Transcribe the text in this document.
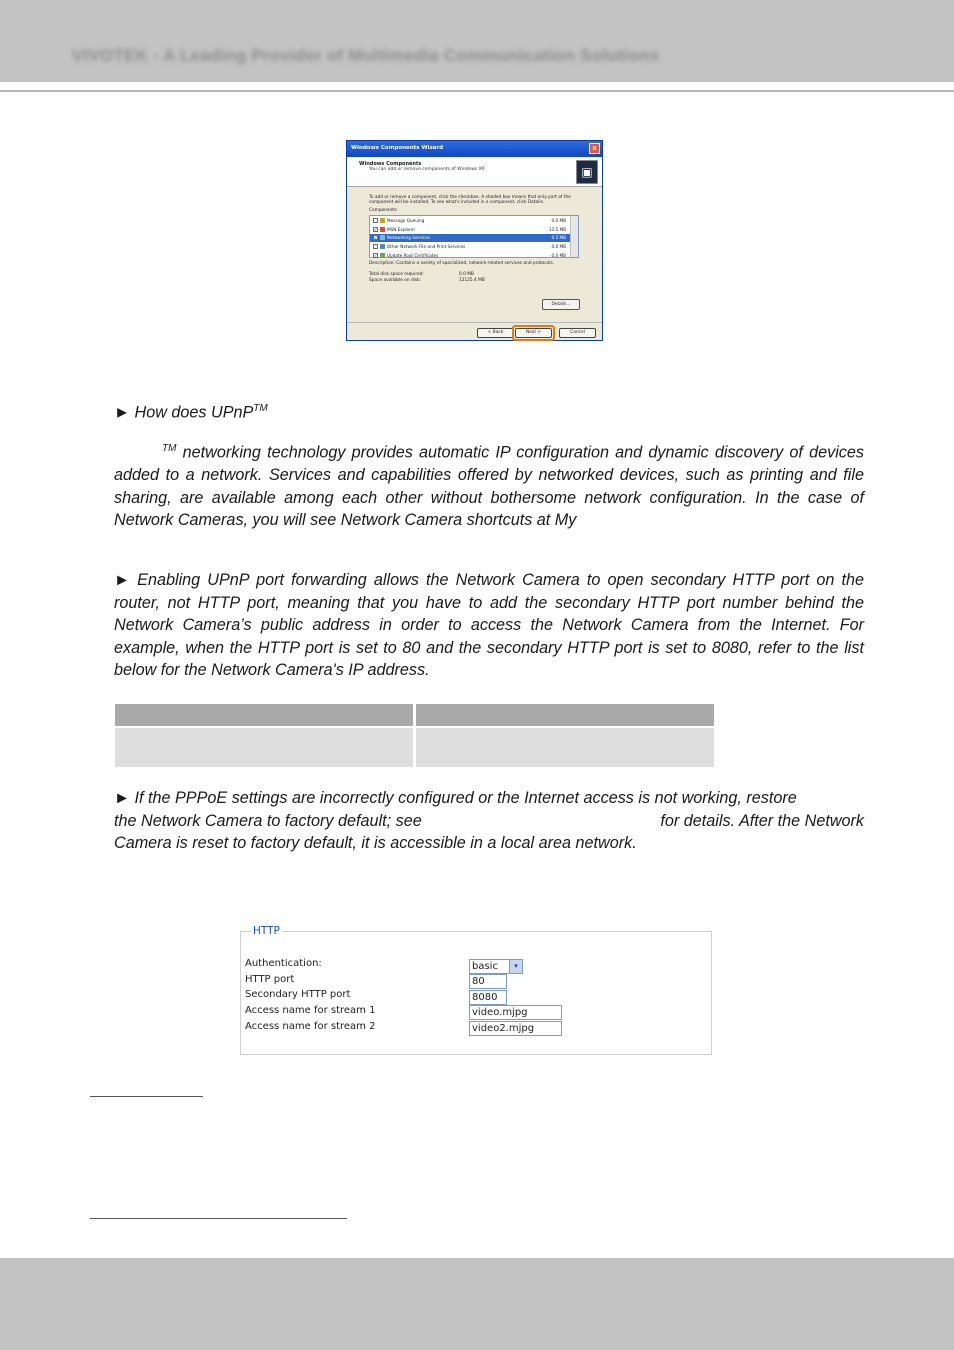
VIVOTEK - A Leading Provider of Multimedia Communication Solutions
Windows Components Wizard	x
Windows Components
You can add or remove components of Windows XP.	▣
To add or remove a component, click the checkbox. A shaded box means that only part of the component will be installed. To see what's included in a component, click Details.
Components:
Message Queuing	0.0 MB
✓ MSN Explorer	13.5 MB
✓ Networking Services	0.3 MB
Other Network File and Print Services	0.0 MB
✓ Update Root Certificates	0.0 MB
Description: Contains a variety of specialized, network-related services and protocols.
Total disk space required:	0.0 MB
Space available on disk:	12125.4 MB
Details...
< Back	Next >	Cancel
► How does UPnP™
™ networking technology provides automatic IP configuration and dynamic discovery of devices added to a network. Services and capabilities offered by networked devices, such as printing and file sharing, are available among each other without bothersome network configuration. In the case of Network Cameras, you will see Network Camera shortcuts at My
► Enabling UPnP port forwarding allows the Network Camera to open secondary HTTP port on the router, not HTTP port, meaning that you have to add the secondary HTTP port number behind the Network Camera’s public address in order to access the Network Camera from the Internet. For example, when the HTTP port is set to 80 and the secondary HTTP port is set to 8080, refer to the list below for the Network Camera's IP address.
► If the PPPoE settings are incorrectly configured or the Internet access is not working, restore
the Network Camera to factory default; see	for details. After the Network
Camera is reset to factory default, it is accessible in a local area network.
HTTP
Authentication:	basic	▾
HTTP port	80
Secondary HTTP port	8080
Access name for stream 1	video.mjpg
Access name for stream 2	video2.mjpg
